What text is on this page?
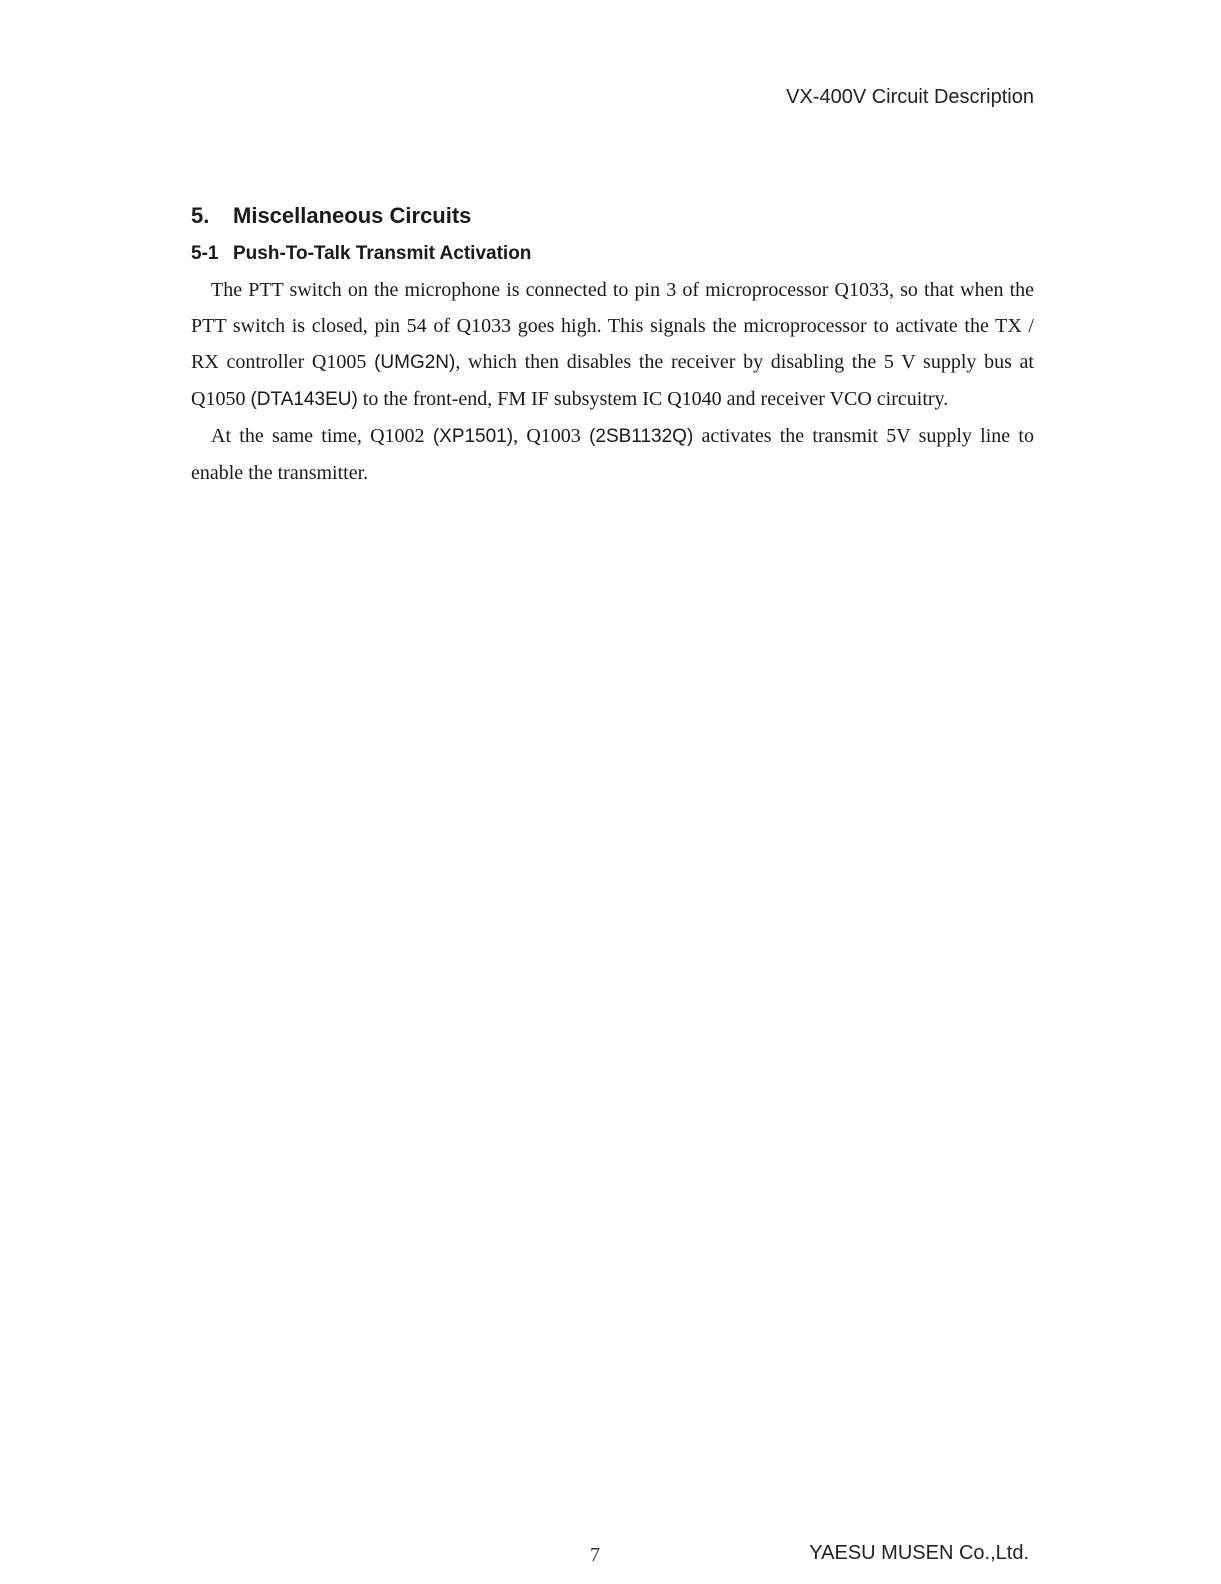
VX-400V Circuit Description
5. Miscellaneous Circuits
5-1 Push-To-Talk Transmit Activation

The PTT switch on the microphone is connected to pin 3 of microprocessor Q1033, so that when the PTT switch is closed, pin 54 of Q1033 goes high. This signals the microprocessor to activate the TX / RX controller Q1005 (UMG2N), which then disables the receiver by disabling the 5 V supply bus at Q1050 (DTA143EU) to the front-end, FM IF subsystem IC Q1040 and receiver VCO circuitry.

At the same time, Q1002 (XP1501), Q1003 (2SB1132Q) activates the transmit 5V supply line to enable the transmitter.

7	YAESU MUSEN Co.,Ltd.
